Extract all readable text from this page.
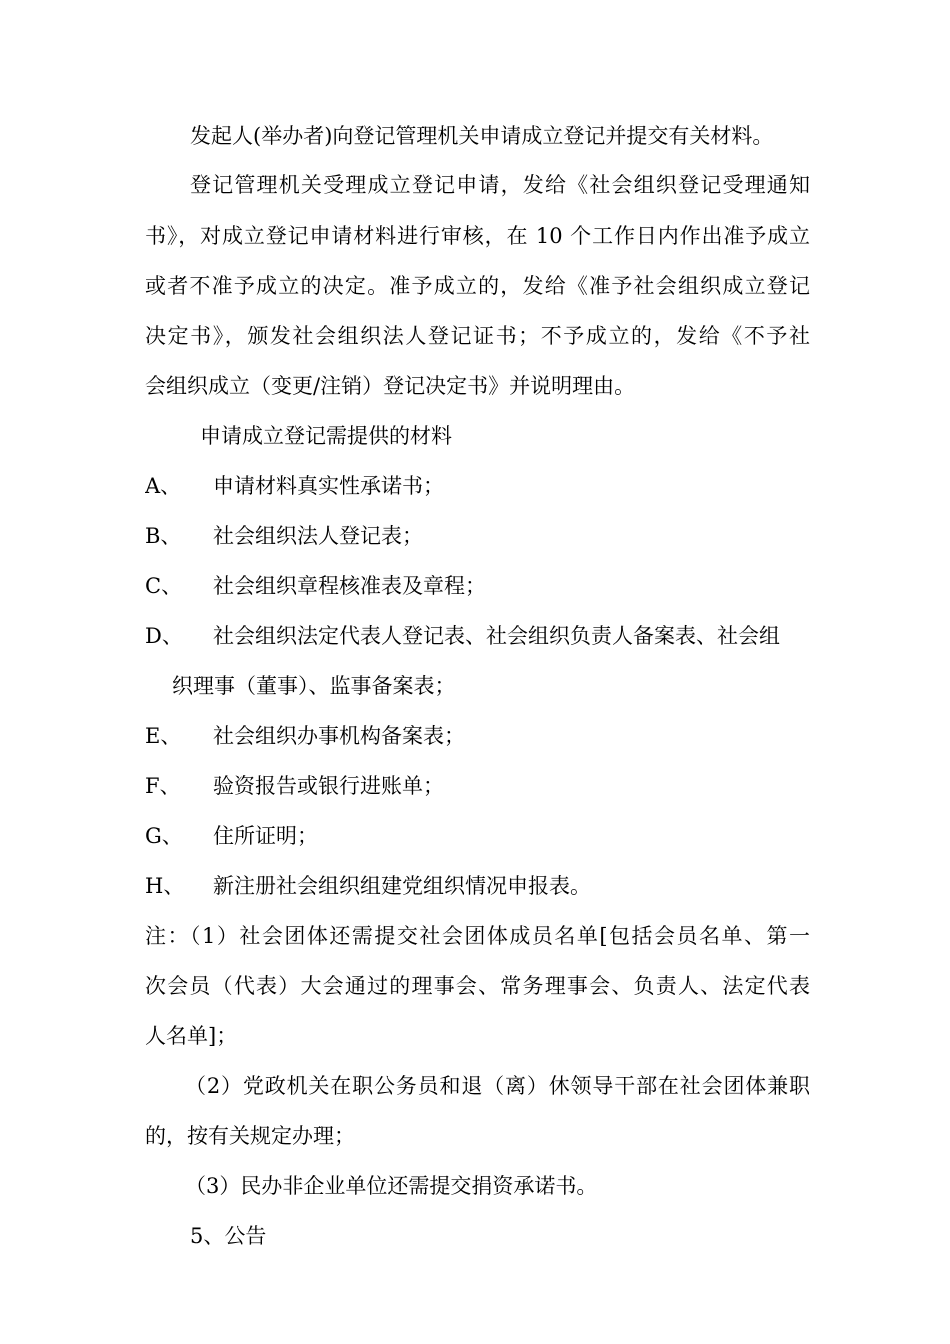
发起人(举办者)向登记管理机关申请成立登记并提交有关材料。
登记管理机关受理成立登记申请，发给《社会组织登记受理通知
书》，对成立登记申请材料进行审核，在 10 个工作日内作出准予成立
或者不准予成立的决定。准予成立的，发给《准予社会组织成立登记
决定书》，颁发社会组织法人登记证书；不予成立的，发给《不予社
会组织成立（变更/注销）登记决定书》并说明理由。
申请成立登记需提供的材料
A、 申请材料真实性承诺书；
B、 社会组织法人登记表；
C、 社会组织章程核准表及章程；
D、 社会组织法定代表人登记表、社会组织负责人备案表、社会组
织理事（董事）、监事备案表；
E、 社会组织办事机构备案表；
F、 验资报告或银行进账单；
G、 住所证明；
H、 新注册社会组织组建党组织情况申报表。
注：（1）社会团体还需提交社会团体成员名单[包括会员名单、第一
次会员（代表）大会通过的理事会、常务理事会、负责人、法定代表
人名单]；
（2）党政机关在职公务员和退（离）休领导干部在社会团体兼职
的，按有关规定办理；
（3）民办非企业单位还需提交捐资承诺书。
5、公告
